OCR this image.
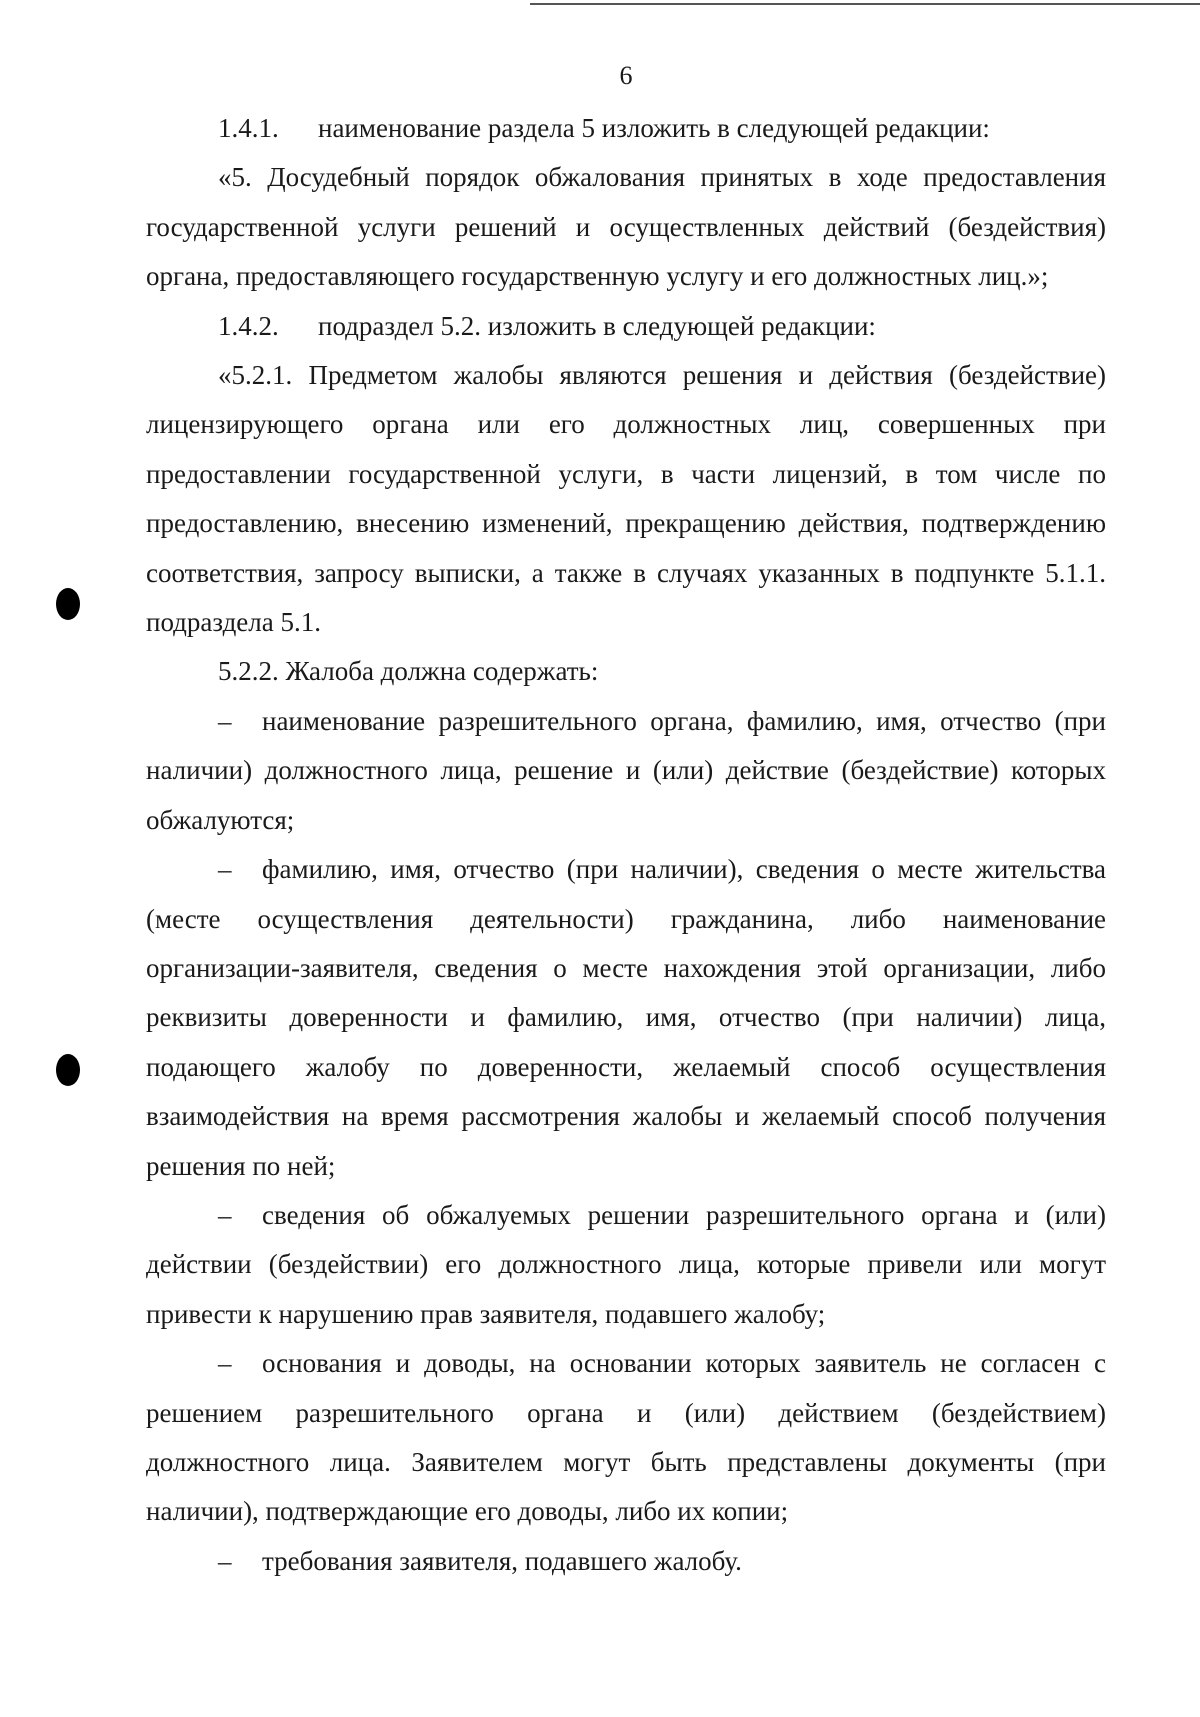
6

1.4.1. наименование раздела 5 изложить в следующей редакции:

«5. Досудебный порядок обжалования принятых в ходе предоставления государственной услуги решений и осуществленных действий (бездействия) органа, предоставляющего государственную услугу и его должностных лиц.»;

1.4.2. подраздел 5.2. изложить в следующей редакции:

«5.2.1. Предметом жалобы являются решения и действия (бездействие) лицензирующего органа или его должностных лиц, совершенных при предоставлении государственной услуги, в части лицензий, в том числе по предоставлению, внесению изменений, прекращению действия, подтверждению соответствия, запросу выписки, а также в случаях указанных в подпункте 5.1.1. подраздела 5.1.

5.2.2. Жалоба должна содержать:

– наименование разрешительного органа, фамилию, имя, отчество (при наличии) должностного лица, решение и (или) действие (бездействие) которых обжалуются;

– фамилию, имя, отчество (при наличии), сведения о месте жительства (месте осуществления деятельности) гражданина, либо наименование организации-заявителя, сведения о месте нахождения этой организации, либо реквизиты доверенности и фамилию, имя, отчество (при наличии) лица, подающего жалобу по доверенности, желаемый способ осуществления взаимодействия на время рассмотрения жалобы и желаемый способ получения решения по ней;

– сведения об обжалуемых решении разрешительного органа и (или) действии (бездействии) его должностного лица, которые привели или могут привести к нарушению прав заявителя, подавшего жалобу;

– основания и доводы, на основании которых заявитель не согласен с решением разрешительного органа и (или) действием (бездействием) должностного лица. Заявителем могут быть представлены документы (при наличии), подтверждающие его доводы, либо их копии;

– требования заявителя, подавшего жалобу.
